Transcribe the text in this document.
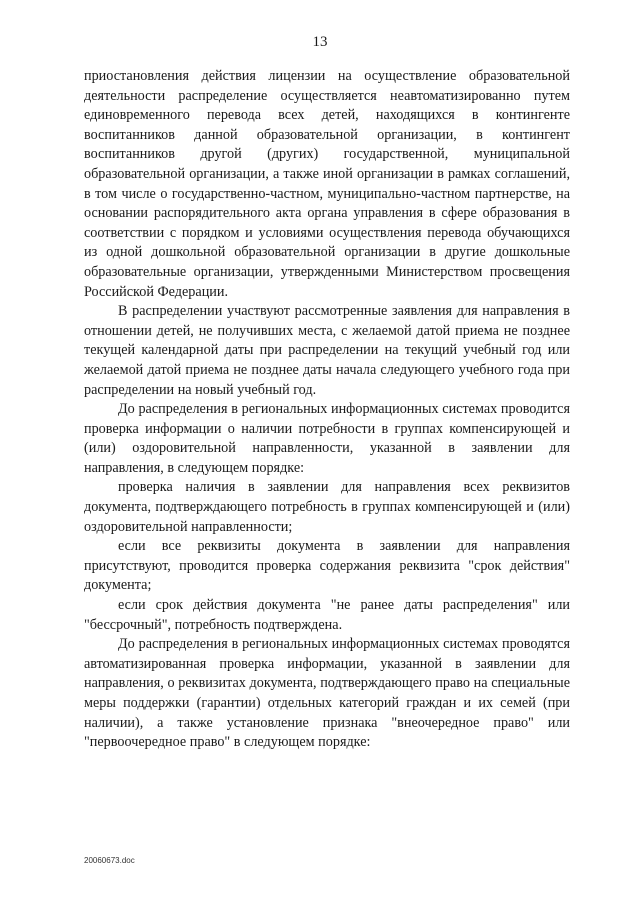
13

приостановления действия лицензии на осуществление образовательной деятельности распределение осуществляется неавтоматизированно путем единовременного перевода всех детей, находящихся в контингенте воспитанников данной образовательной организации, в контингент воспитанников другой (других) государственной, муниципальной образовательной организации, а также иной организации в рамках соглашений, в том числе о государственно-частном, муниципально-частном партнерстве, на основании распорядительного акта органа управления в сфере образования в соответствии с порядком и условиями осуществления перевода обучающихся из одной дошкольной образовательной организации в другие дошкольные образовательные организации, утвержденными Министерством просвещения Российской Федерации.

В распределении участвуют рассмотренные заявления для направления в отношении детей, не получивших места, с желаемой датой приема не позднее текущей календарной даты при распределении на текущий учебный год или желаемой датой приема не позднее даты начала следующего учебного года при распределении на новый учебный год.

До распределения в региональных информационных системах проводится проверка информации о наличии потребности в группах компенсирующей и (или) оздоровительной направленности, указанной в заявлении для направления, в следующем порядке:

проверка наличия в заявлении для направления всех реквизитов документа, подтверждающего потребность в группах компенсирующей и (или) оздоровительной направленности;

если все реквизиты документа в заявлении для направления присутствуют, проводится проверка содержания реквизита "срок действия" документа;

если срок действия документа "не ранее даты распределения" или "бессрочный", потребность подтверждена.

До распределения в региональных информационных системах проводятся автоматизированная проверка информации, указанной в заявлении для направления, о реквизитах документа, подтверждающего право на специальные меры поддержки (гарантии) отдельных категорий граждан и их семей (при наличии), а также установление признака "внеочередное право" или "первоочередное право" в следующем порядке:

20060673.doc
